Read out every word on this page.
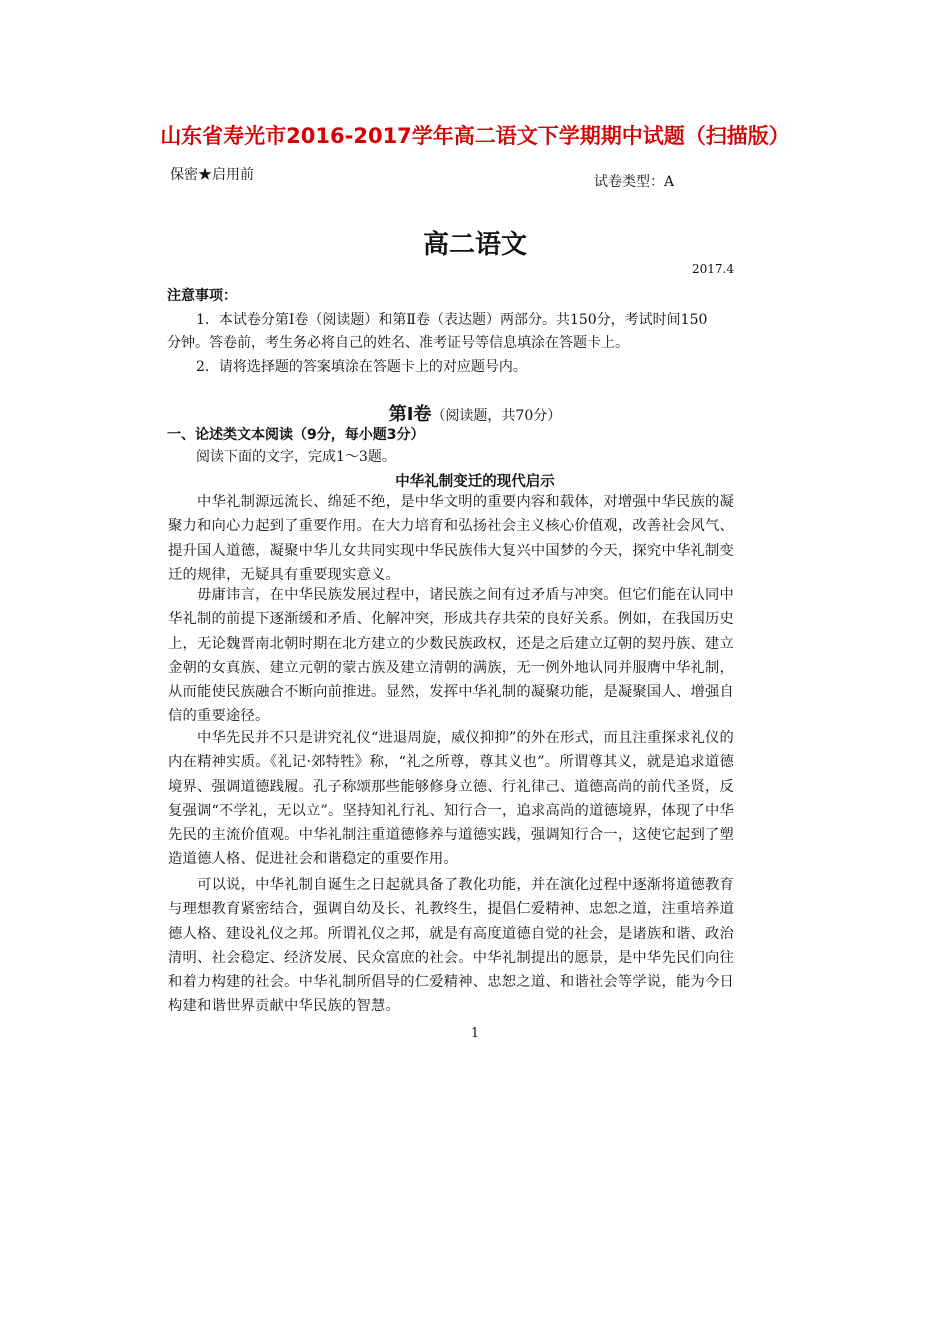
山东省寿光市2016-2017学年高二语文下学期期中试题（扫描版）
保密★启用前	试卷类型：A
高二语文
2017.4
注意事项：
1．本试卷分第Ⅰ卷（阅读题）和第Ⅱ卷（表达题）两部分。共150分，考试时间150
分钟。答卷前，考生务必将自己的姓名、准考证号等信息填涂在答题卡上。
2．请将选择题的答案填涂在答题卡上的对应题号内。
第Ⅰ卷（阅读题，共70分）
一、论述类文本阅读（9分，每小题3分）
阅读下面的文字，完成1～3题。
中华礼制变迁的现代启示
　　中华礼制源远流长、绵延不绝，是中华文明的重要内容和载体，对增强中华民族的凝聚力和向心力起到了重要作用。在大力培育和弘扬社会主义核心价值观，改善社会风气、提升国人道德，凝聚中华儿女共同实现中华民族伟大复兴中国梦的今天，探究中华礼制变迁的规律，无疑具有重要现实意义。
　　毋庸讳言，在中华民族发展过程中，诸民族之间有过矛盾与冲突。但它们能在认同中华礼制的前提下逐渐缓和矛盾、化解冲突，形成共存共荣的良好关系。例如，在我国历史上，无论魏晋南北朝时期在北方建立的少数民族政权，还是之后建立辽朝的契丹族、建立金朝的女真族、建立元朝的蒙古族及建立清朝的满族，无一例外地认同并服膺中华礼制，从而能使民族融合不断向前推进。显然，发挥中华礼制的凝聚功能，是凝聚国人、增强自信的重要途径。
　　中华先民并不只是讲究礼仪“进退周旋，威仪抑抑”的外在形式，而且注重探求礼仪的内在精神实质。《礼记·郊特牲》称，“礼之所尊，尊其义也”。所谓尊其义，就是追求道德境界、强调道德践履。孔子称颂那些能够修身立德、行礼律己、道德高尚的前代圣贤，反复强调“不学礼，无以立”。坚持知礼行礼、知行合一，追求高尚的道德境界，体现了中华先民的主流价值观。中华礼制注重道德修养与道德实践，强调知行合一，这使它起到了塑造道德人格、促进社会和谐稳定的重要作用。
　　可以说，中华礼制自诞生之日起就具备了教化功能，并在演化过程中逐渐将道德教育与理想教育紧密结合，强调自幼及长、礼教终生，提倡仁爱精神、忠恕之道，注重培养道德人格、建设礼仪之邦。所谓礼仪之邦，就是有高度道德自觉的社会，是诸族和谐、政治清明、社会稳定、经济发展、民众富庶的社会。中华礼制提出的愿景，是中华先民们向往和着力构建的社会。中华礼制所倡导的仁爱精神、忠恕之道、和谐社会等学说，能为今日构建和谐世界贡献中华民族的智慧。
1
